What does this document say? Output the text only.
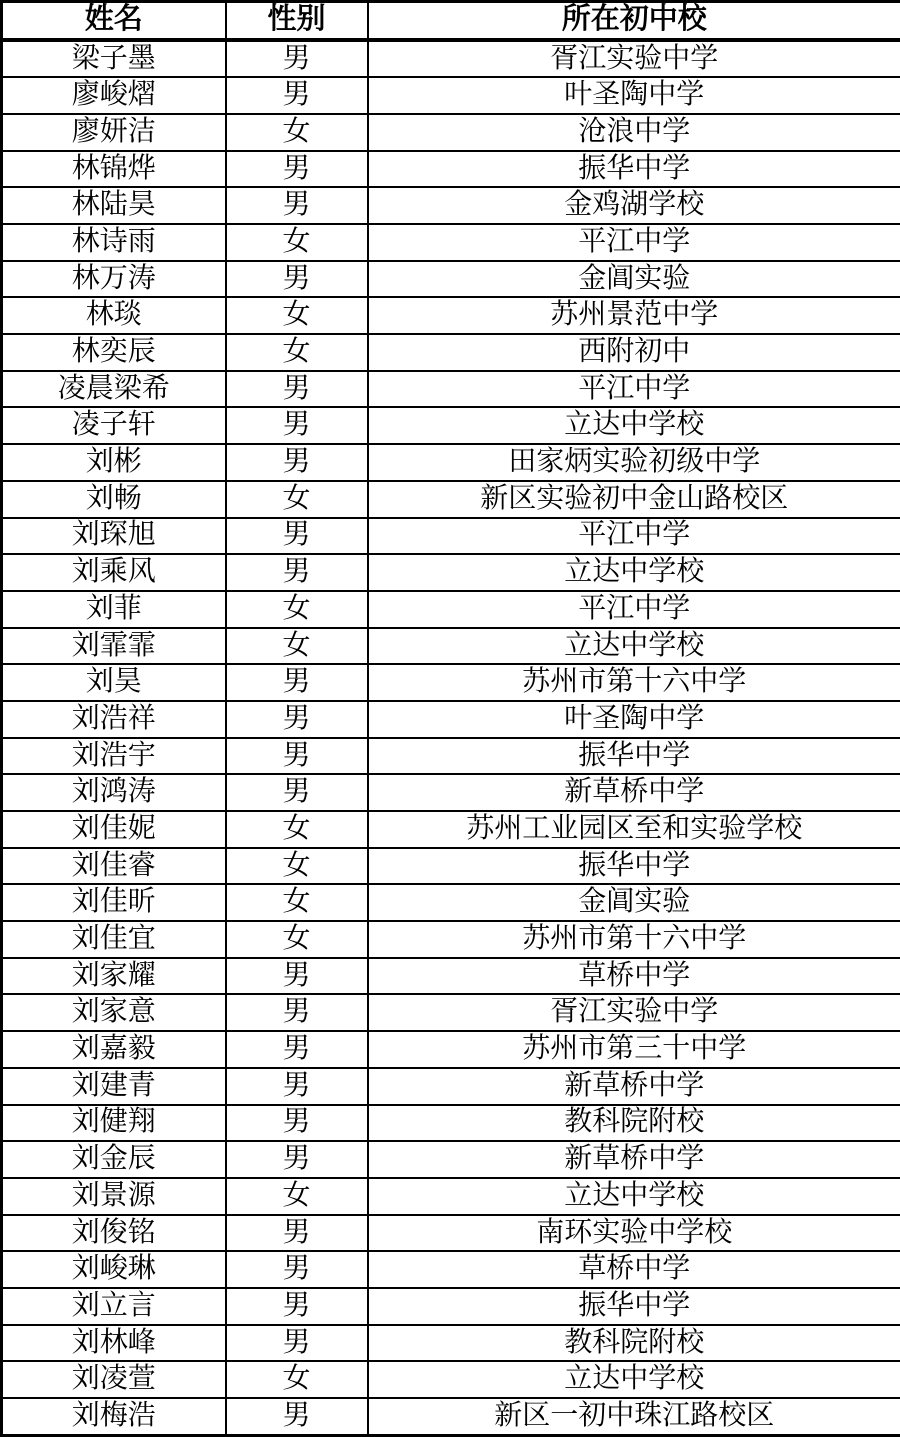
姓名	性别	所在初中校
梁子墨	男	胥江实验中学
廖峻熠	男	叶圣陶中学
廖妍洁	女	沧浪中学
林锦烨	男	振华中学
林陆昊	男	金鸡湖学校
林诗雨	女	平江中学
林万涛	男	金阊实验
林琰	女	苏州景范中学
林奕辰	女	西附初中
凌晨梁希	男	平江中学
凌子轩	男	立达中学校
刘彬	男	田家炳实验初级中学
刘畅	女	新区实验初中金山路校区
刘琛旭	男	平江中学
刘乘风	男	立达中学校
刘菲	女	平江中学
刘霏霏	女	立达中学校
刘昊	男	苏州市第十六中学
刘浩祥	男	叶圣陶中学
刘浩宇	男	振华中学
刘鸿涛	男	新草桥中学
刘佳妮	女	苏州工业园区至和实验学校
刘佳睿	女	振华中学
刘佳昕	女	金阊实验
刘佳宜	女	苏州市第十六中学
刘家耀	男	草桥中学
刘家意	男	胥江实验中学
刘嘉毅	男	苏州市第三十中学
刘建青	男	新草桥中学
刘健翔	男	教科院附校
刘金辰	男	新草桥中学
刘景源	女	立达中学校
刘俊铭	男	南环实验中学校
刘峻琳	男	草桥中学
刘立言	男	振华中学
刘林峰	男	教科院附校
刘凌萱	女	立达中学校
刘梅浩	男	新区一初中珠江路校区
